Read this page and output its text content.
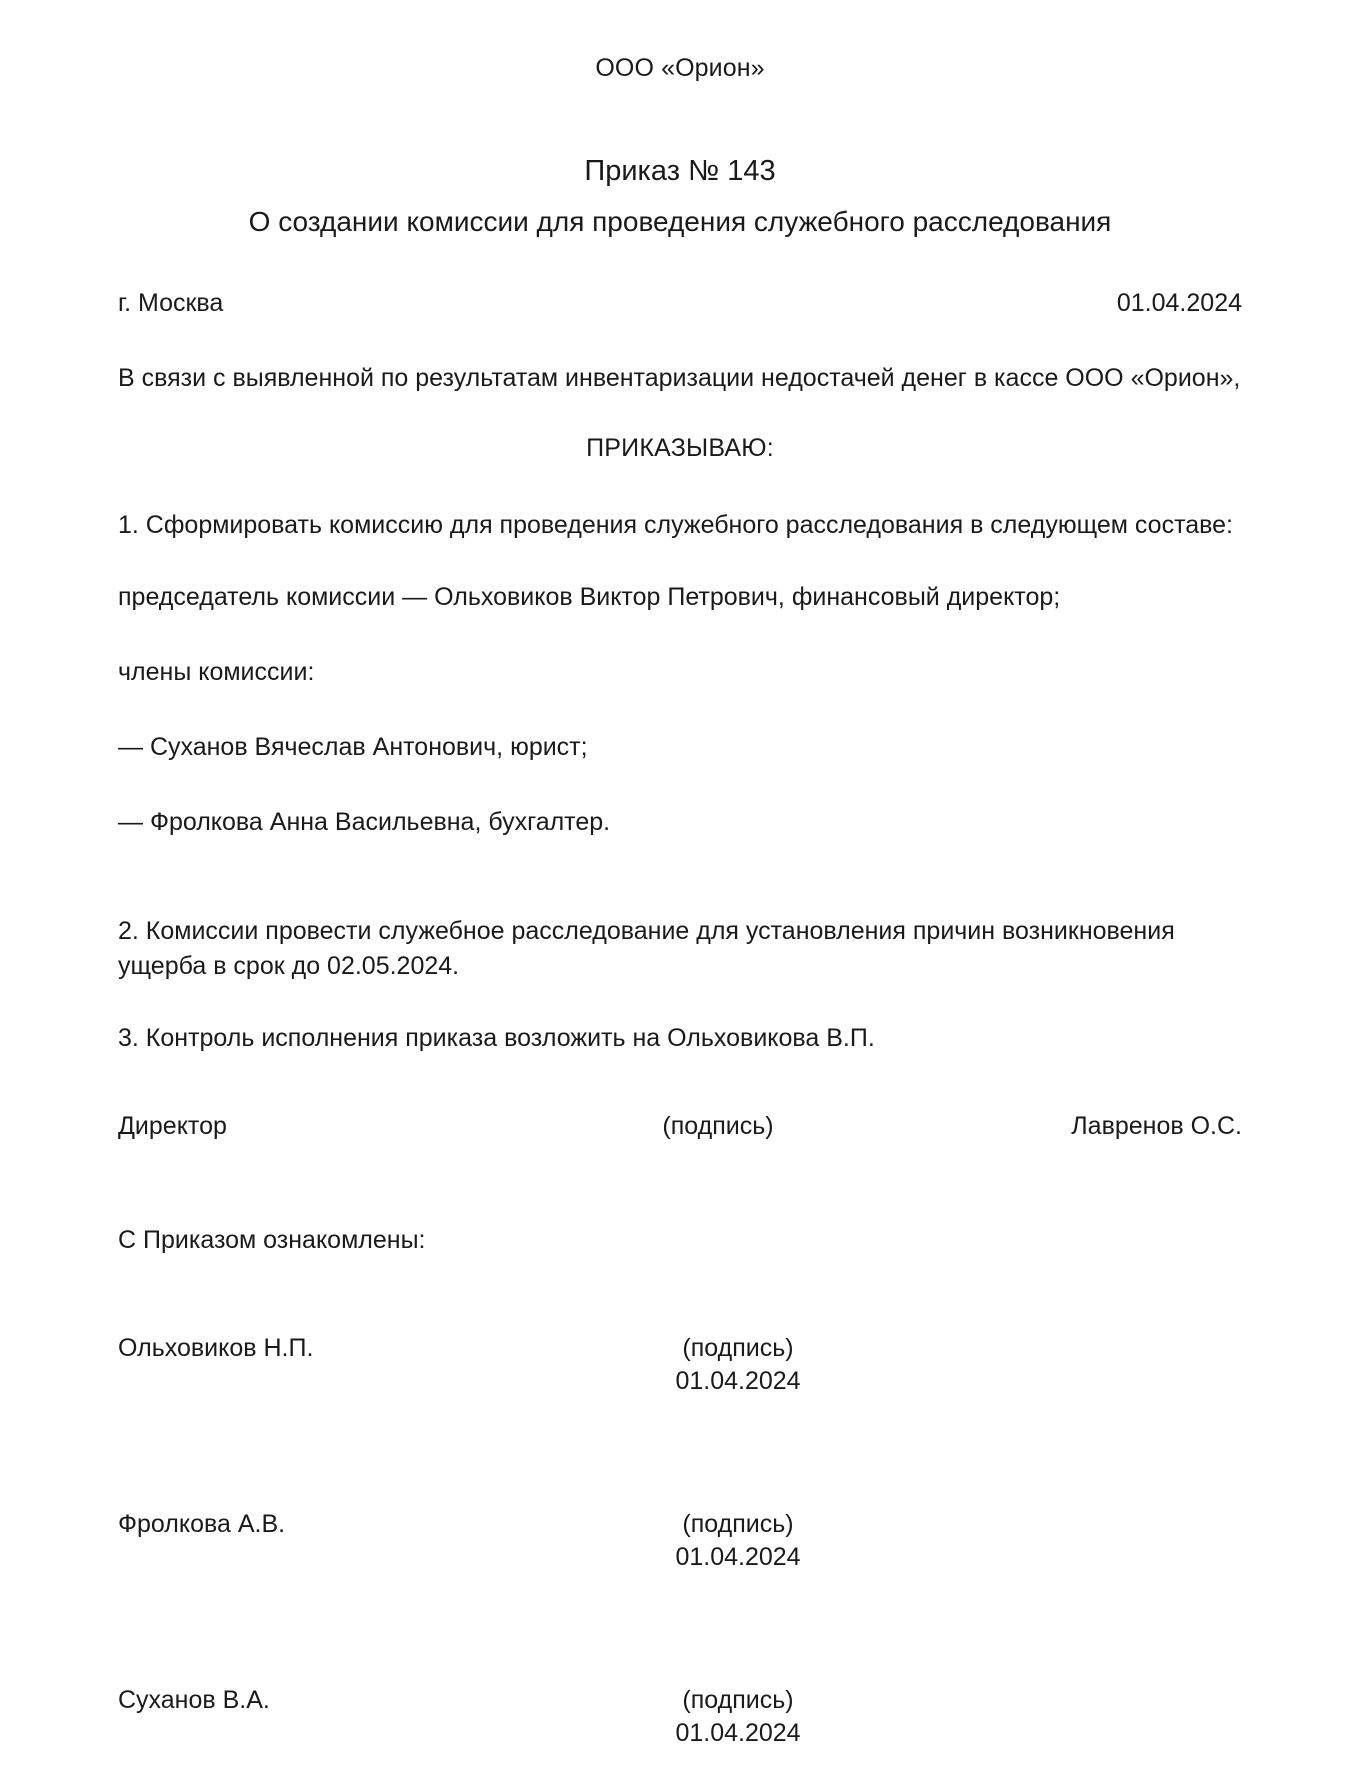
ООО «Орион»
Приказ № 143
О создании комиссии для проведения служебного расследования
г. Москва	01.04.2024

В связи с выявленной по результатам инвентаризации недостачей денег в кассе ООО «Орион»,

ПРИКАЗЫВАЮ:

1. Сформировать комиссию для проведения служебного расследования в следующем составе:

председатель комиссии — Ольховиков Виктор Петрович, финансовый директор;

члены комиссии:

— Суханов Вячеслав Антонович, юрист;

— Фролкова Анна Васильевна, бухгалтер.

2. Комиссии провести служебное расследование для установления причин возникновения ущерба в срок до 02.05.2024.

3. Контроль исполнения приказа возложить на Ольховикова В.П.

Директор	(подпись)	Лавренов О.С.
С Приказом ознакомлены:
Ольховиков Н.П.	(подпись)
01.04.2024
Фролкова А.В.	(подпись)
01.04.2024
Суханов В.А.	(подпись)
01.04.2024
